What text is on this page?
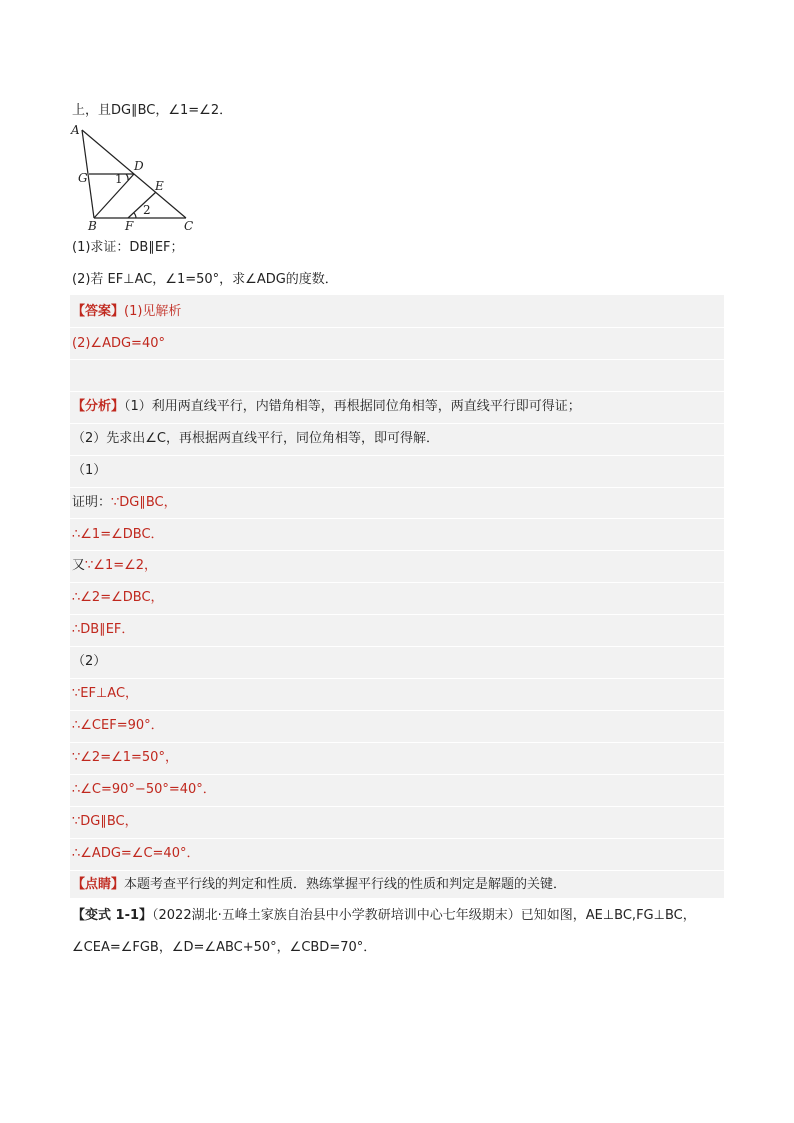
上，且DG∥BC，∠1=∠2．
A
D
G 1	E
2
B F	C
(1)求证：DB∥EF；
(2)若 EF⊥AC，∠1=50°，求∠ADG的度数．
【答案】(1)见解析
(2)∠ADG=40°
【分析】（1）利用两直线平行，内错角相等，再根据同位角相等，两直线平行即可得证；
（2）先求出∠C，再根据两直线平行，同位角相等，即可得解．
（1）
证明：∵DG∥BC，
∴∠1=∠DBC．
又∵∠1=∠2，
∴∠2=∠DBC，
∴DB∥EF．
（2）
∵EF⊥AC，
∴∠CEF=90°．
∵∠2=∠1=50°，
∴∠C=90°−50°=40°．
∵DG∥BC，
∴∠ADG=∠C=40°．
【点睛】本题考查平行线的判定和性质．熟练掌握平行线的性质和判定是解题的关键．
【变式 1-1】（2022湖北·五峰土家族自治县中小学教研培训中心七年级期末）已知如图，AE⊥BC,FG⊥BC，
∠CEA=∠FGB，∠D=∠ABC+50°，∠CBD=70°．
